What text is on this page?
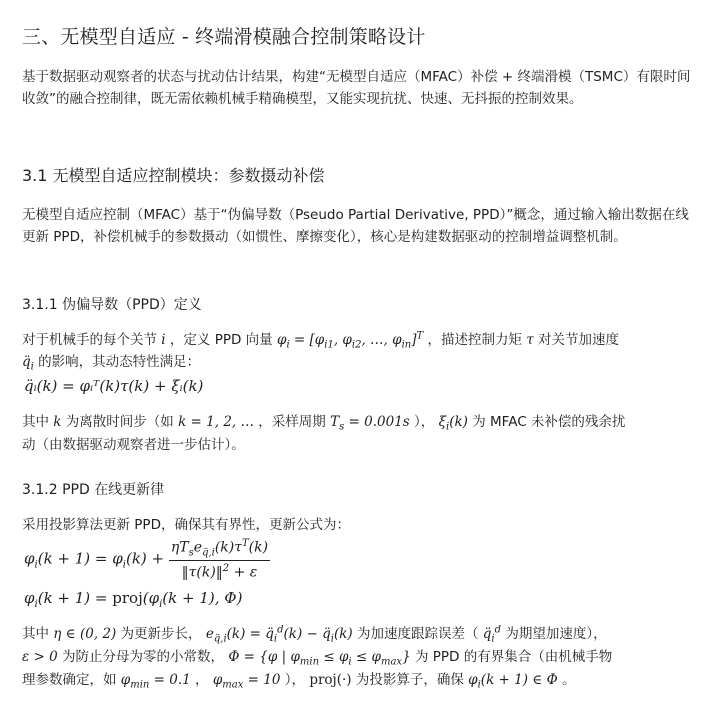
三、无模型自适应 - 终端滑模融合控制策略设计

基于数据驱动观察者的状态与扰动估计结果，构建“无模型自适应（MFAC）补偿 + 终端滑模（TSMC）有限时间收敛”的融合控制律，既无需依赖机械手精确模型，又能实现抗扰、快速、无抖振的控制效果。

3.1 无模型自适应控制模块：参数摄动补偿

无模型自适应控制（MFAC）基于“伪偏导数（Pseudo Partial Derivative, PPD）”概念，通过输入输出数据在线更新 PPD，补偿机械手的参数摄动（如惯性、摩擦变化），核心是构建数据驱动的控制增益调整机制。

3.1.1 伪偏导数（PPD）定义
对于机械手的每个关节 i ，定义 PPD 向量 $\varphi_i = [\varphi_{i1}$, $\varphi_{i2}$, …, $\varphi_{in}]^T$ ，描述控制力矩 τ 对关节加速度
$q̈_i$ 的影响，其动态特性满足：
q̈ᵢ(k) = φᵢᵀ(k)τ(k) + ξᵢ(k)
其中 k 为离散时间步（如 k = 1, 2, … ，采样周期 $T_s = 0.001s$ ）， $\xi_i(k)$ 为 MFAC 未补偿的残余扰
动（由数据驱动观察者进一步估计）。
3.1.2 PPD 在线更新律
采用投影算法更新 PPD，确保其有界性，更新公式为：
$\varphi_i(k + 1) = \varphi_i(k) + \frac{\eta T_se_{q̈,i}(k)\tau^T(k)}{‖\tau(k)‖^2 + \varepsilon}$
$\varphi_i(k + 1)$ = $proj(\varphi_i(k + 1)$, Φ)
其中 η ∈ (0, 2) 为更新步长， $e_{q̈,i}(k)$ = $q̈_i^d(k)$ − $q̈_i(k)$ 为加速度跟踪误差（ $q̈_i^d$ 为期望加速度），
ε > 0 为防止分母为零的小常数， Φ = {φ | $\varphi_{min} \le \varphi_i \le \varphi_{max}$} 为 PPD 的有界集合（由机械手物
理参数确定，如 $\varphi_{min} = 0.1$ ， $\varphi_{max} = 10$ ）， proj(·) 为投影算子，确保 $\varphi_i(k + 1)$ ∈ Φ 。
